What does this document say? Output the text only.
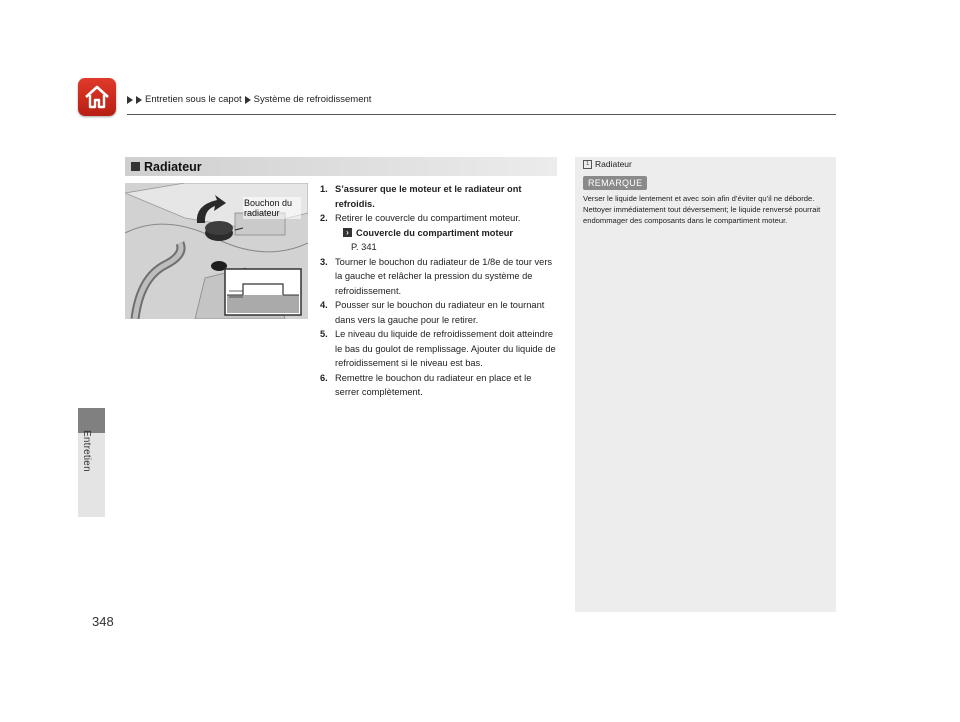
Entretien sous le capot Système de refroidissement
Entretien
348
Radiateur
Bouchon du radiateur
1. S’assurer que le moteur et le radiateur ont refroidis.
2. Retirer le couvercle du compartiment moteur.
› Couvercle du compartiment moteur
P. 341
3. Tourner le bouchon du radiateur de 1/8e de tour vers la gauche et relâcher la pression du système de refroidissement.
4. Pousser sur le bouchon du radiateur en le tournant dans vers la gauche pour le retirer.
5. Le niveau du liquide de refroidissement doit atteindre le bas du goulot de remplissage. Ajouter du liquide de refroidissement si le niveau est bas.
6. Remettre le bouchon du radiateur en place et le serrer complètement.
1 Radiateur
REMARQUE
Verser le liquide lentement et avec soin afin d’éviter qu’il ne déborde. Nettoyer immédiatement tout déversement; le liquide renversé pourrait endommager des composants dans le compartiment moteur.
